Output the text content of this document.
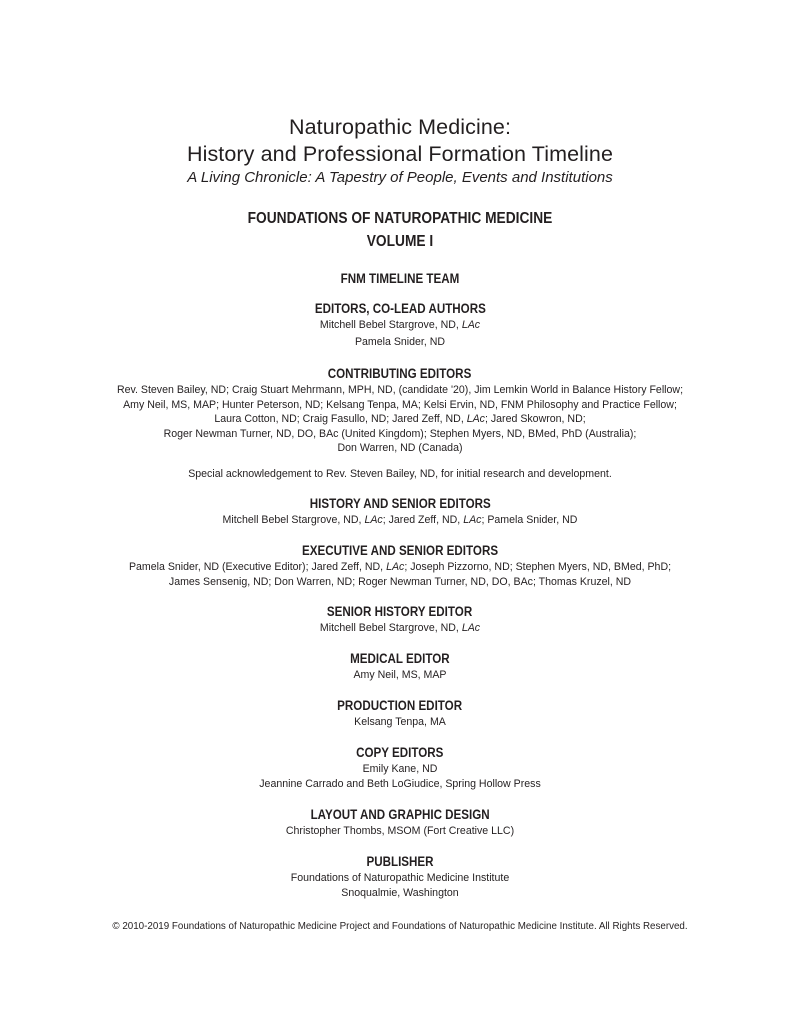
Naturopathic Medicine:

History and Professional Formation Timeline

A Living Chronicle: A Tapestry of People, Events and Institutions

FOUNDATIONS OF NATUROPATHIC MEDICINE
VOLUME I

FNM TIMELINE TEAM

EDITORS, CO-LEAD AUTHORS

Mitchell Bebel Stargrove, ND, LAc

Pamela Snider, ND

CONTRIBUTING EDITORS

Rev. Steven Bailey, ND; Craig Stuart Mehrmann, MPH, ND, (candidate '20), Jim Lemkin World in Balance History Fellow;

Amy Neil, MS, MAP; Hunter Peterson, ND; Kelsang Tenpa, MA; Kelsi Ervin, ND, FNM Philosophy and Practice Fellow;

Laura Cotton, ND; Craig Fasullo, ND; Jared Zeff, ND, LAc; Jared Skowron, ND;

Roger Newman Turner, ND, DO, BAc (United Kingdom); Stephen Myers, ND, BMed, PhD (Australia);

Don Warren, ND (Canada)

Special acknowledgement to Rev. Steven Bailey, ND, for initial research and development.

HISTORY AND SENIOR EDITORS

Mitchell Bebel Stargrove, ND, LAc; Jared Zeff, ND, LAc; Pamela Snider, ND

EXECUTIVE AND SENIOR EDITORS

Pamela Snider, ND (Executive Editor); Jared Zeff, ND, LAc; Joseph Pizzorno, ND; Stephen Myers, ND, BMed, PhD;

James Sensenig, ND; Don Warren, ND; Roger Newman Turner, ND, DO, BAc; Thomas Kruzel, ND

SENIOR HISTORY EDITOR

Mitchell Bebel Stargrove, ND, LAc

MEDICAL EDITOR

Amy Neil, MS, MAP

PRODUCTION EDITOR

Kelsang Tenpa, MA

COPY EDITORS

Emily Kane, ND

Jeannine Carrado and Beth LoGiudice, Spring Hollow Press

LAYOUT AND GRAPHIC DESIGN

Christopher Thombs, MSOM (Fort Creative LLC)

PUBLISHER

Foundations of Naturopathic Medicine Institute

Snoqualmie, Washington

© 2010-2019 Foundations of Naturopathic Medicine Project and Foundations of Naturopathic Medicine Institute. All Rights Reserved.
